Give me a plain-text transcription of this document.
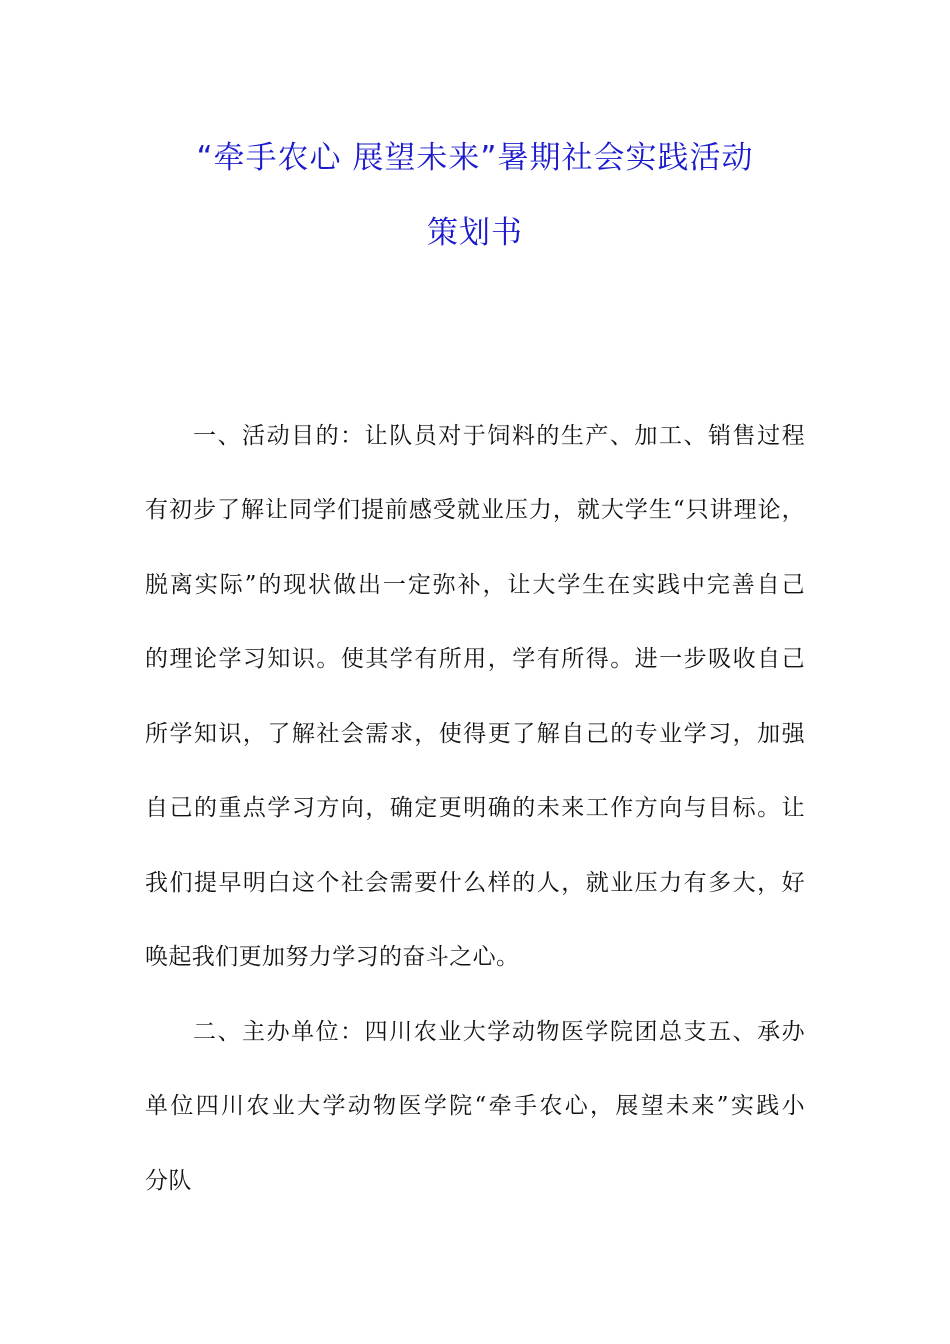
“牵手农心 展望未来”暑期社会实践活动
策划书
一、活动目的：让队员对于饲料的生产、加工、销售过程
有初步了解让同学们提前感受就业压力，就大学生“只讲理论，
脱离实际”的现状做出一定弥补，让大学生在实践中完善自己
的理论学习知识。使其学有所用，学有所得。进一步吸收自己
所学知识，了解社会需求，使得更了解自己的专业学习，加强
自己的重点学习方向，确定更明确的未来工作方向与目标。让
我们提早明白这个社会需要什么样的人，就业压力有多大，好
唤起我们更加努力学习的奋斗之心。
二、主办单位：四川农业大学动物医学院团总支五、承办
单位四川农业大学动物医学院“牵手农心，展望未来”实践小
分队
